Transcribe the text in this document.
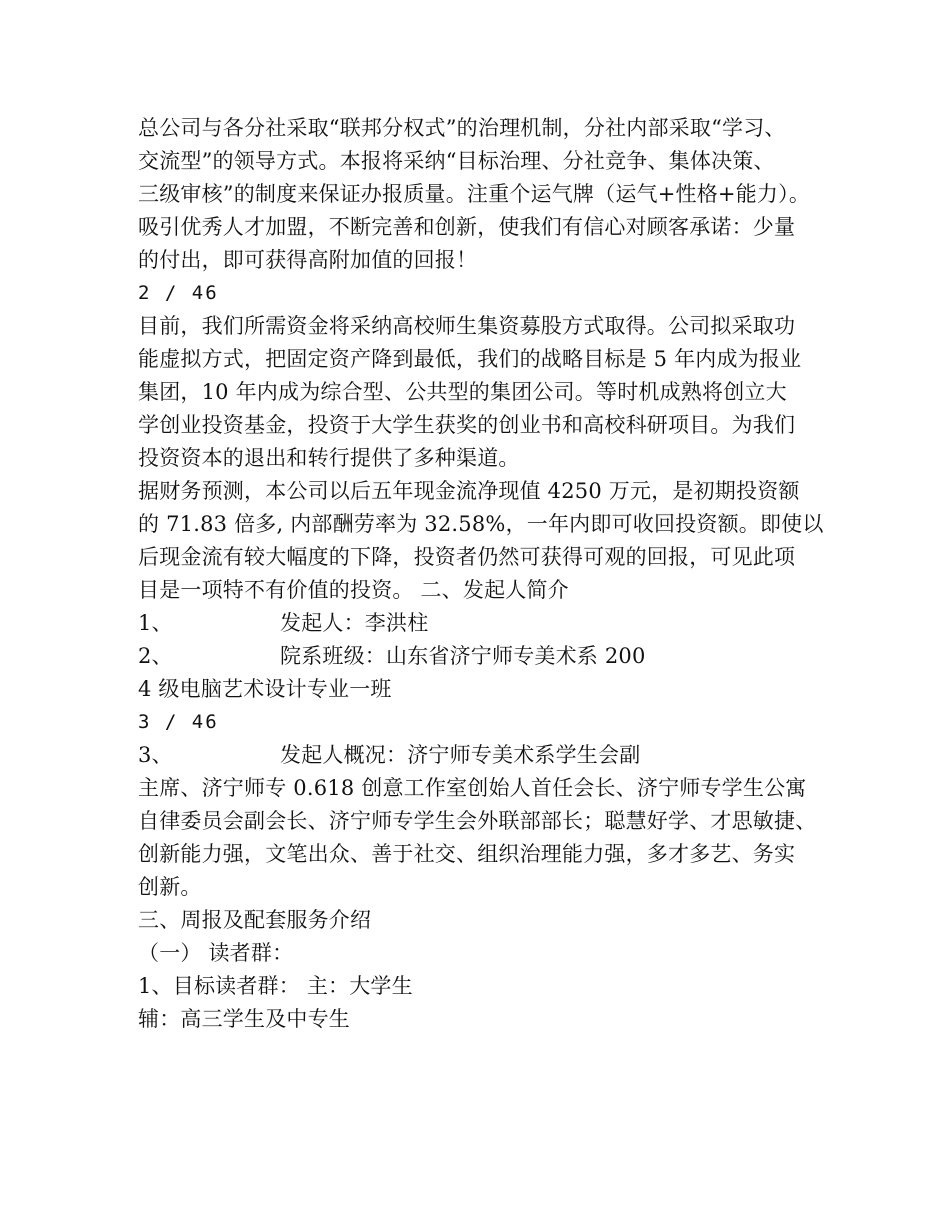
总公司与各分社采取“联邦分权式”的治理机制，分社内部采取“学习、
交流型”的领导方式。本报将采纳“目标治理、分社竞争、集体决策、
三级审核”的制度来保证办报质量。注重个运气牌（运气+性格+能力）。
吸引优秀人才加盟，不断完善和创新，使我们有信心对顾客承诺：少量
的付出，即可获得高附加值的回报！
2 / 46
目前，我们所需资金将采纳高校师生集资募股方式取得。公司拟采取功
能虚拟方式，把固定资产降到最低，我们的战略目标是 5 年内成为报业
集团，10 年内成为综合型、公共型的集团公司。等时机成熟将创立大
学创业投资基金，投资于大学生获奖的创业书和高校科研项目。为我们
投资资本的退出和转行提供了多种渠道。
据财务预测，本公司以后五年现金流净现值 4250 万元，是初期投资额
的 71.83 倍多, 内部酬劳率为 32.58%，一年内即可收回投资额。即使以
后现金流有较大幅度的下降，投资者仍然可获得可观的回报，可见此项
目是一项特不有价值的投资。 二、发起人简介
1、	发起人：李洪柱
2、	院系班级：山东省济宁师专美术系 200
4 级电脑艺术设计专业一班
3 / 46
3、	发起人概况：济宁师专美术系学生会副
主席、济宁师专 0.618 创意工作室创始人首任会长、济宁师专学生公寓
自律委员会副会长、济宁师专学生会外联部部长；聪慧好学、才思敏捷、
创新能力强，文笔出众、善于社交、组织治理能力强，多才多艺、务实
创新。
三、周报及配套服务介绍
（一） 读者群：
1、目标读者群： 主：大学生
辅：高三学生及中专生
